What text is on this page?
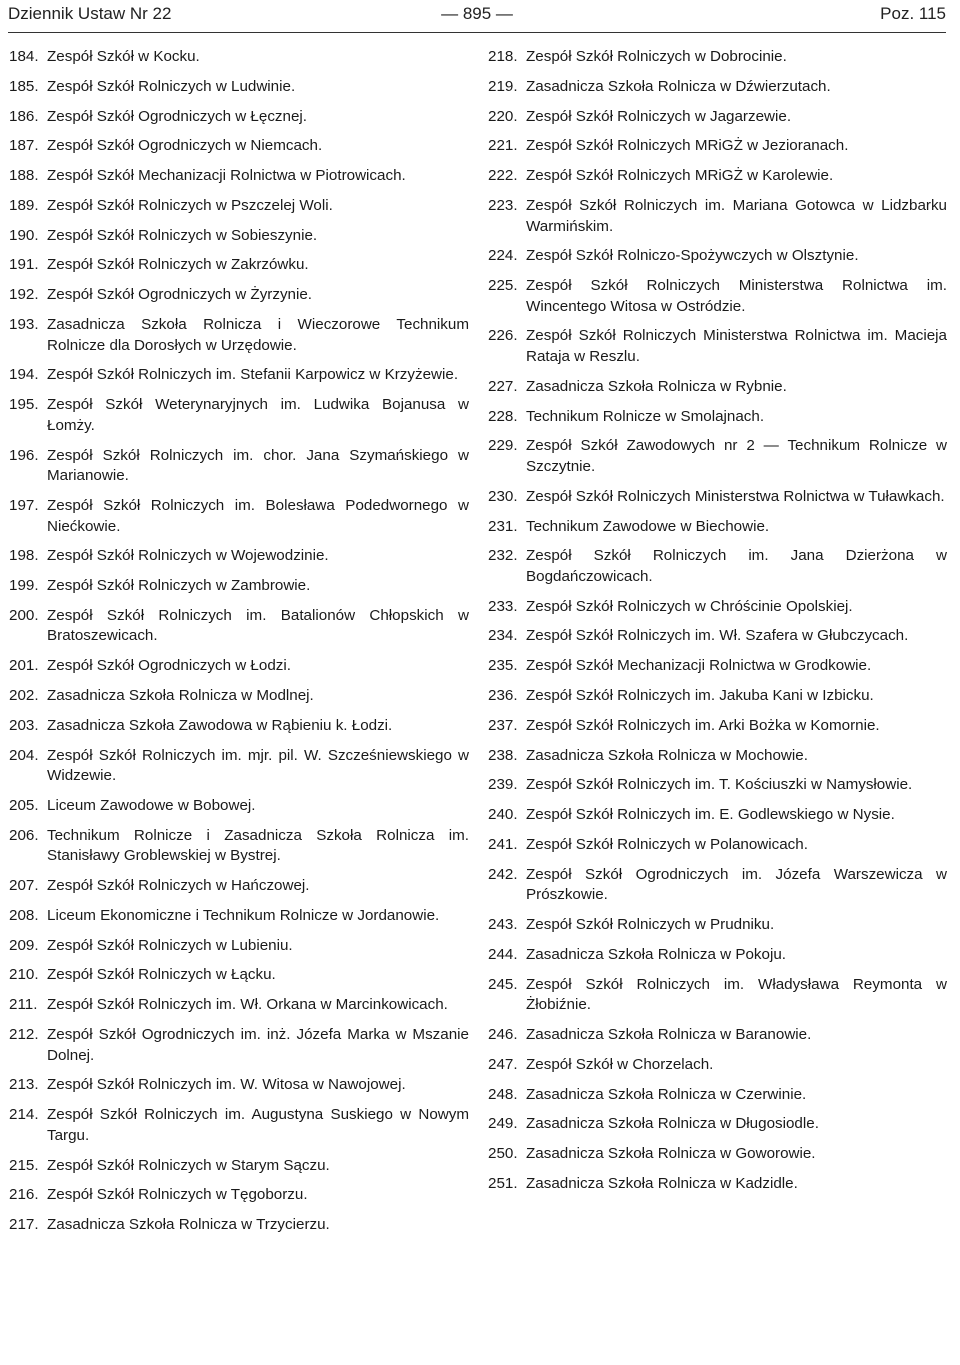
Dziennik Ustaw Nr 22	— 895 —	Poz. 115
184. Zespół Szkół w Kocku.
185. Zespół Szkół Rolniczych w Ludwinie.
186. Zespół Szkół Ogrodniczych w Łęcznej.
187. Zespół Szkół Ogrodniczych w Niemcach.
188. Zespół Szkół Mechanizacji Rolnictwa w Piotrowicach.
189. Zespół Szkół Rolniczych w Pszczelej Woli.
190. Zespół Szkół Rolniczych w Sobieszynie.
191. Zespół Szkół Rolniczych w Zakrzówku.
192. Zespół Szkół Ogrodniczych w Żyrzynie.
193. Zasadnicza Szkoła Rolnicza i Wieczorowe Technikum Rolnicze dla Dorosłych w Urzędowie.
194. Zespół Szkół Rolniczych im. Stefanii Karpowicz w Krzyżewie.
195. Zespół Szkół Weterynaryjnych im. Ludwika Bojanusa w Łomży.
196. Zespół Szkół Rolniczych im. chor. Jana Szymańskiego w Marianowie.
197. Zespół Szkół Rolniczych im. Bolesława Podedwornego w Niećkowie.
198. Zespół Szkół Rolniczych w Wojewodzinie.
199. Zespół Szkół Rolniczych w Zambrowie.
200. Zespół Szkół Rolniczych im. Batalionów Chłopskich w Bratoszewicach.
201. Zespół Szkół Ogrodniczych w Łodzi.
202. Zasadnicza Szkoła Rolnicza w Modlnej.
203. Zasadnicza Szkoła Zawodowa w Rąbieniu k. Łodzi.
204. Zespół Szkół Rolniczych im. mjr. pil. W. Szcześniewskiego w Widzewie.
205. Liceum Zawodowe w Bobowej.
206. Technikum Rolnicze i Zasadnicza Szkoła Rolnicza im. Stanisławy Groblewskiej w Bystrej.
207. Zespół Szkół Rolniczych w Hańczowej.
208. Liceum Ekonomiczne i Technikum Rolnicze w Jordanowie.
209. Zespół Szkół Rolniczych w Lubieniu.
210. Zespół Szkół Rolniczych w Łącku.
211. Zespół Szkół Rolniczych im. Wł. Orkana w Marcinkowicach.
212. Zespół Szkół Ogrodniczych im. inż. Józefa Marka w Mszanie Dolnej.
213. Zespół Szkół Rolniczych im. W. Witosa w Nawojowej.
214. Zespół Szkół Rolniczych im. Augustyna Suskiego w Nowym Targu.
215. Zespół Szkół Rolniczych w Starym Sączu.
216. Zespół Szkół Rolniczych w Tęgoborzu.
217. Zasadnicza Szkoła Rolnicza w Trzycierzu.
218. Zespół Szkół Rolniczych w Dobrocinie.
219. Zasadnicza Szkoła Rolnicza w Dźwierzutach.
220. Zespół Szkół Rolniczych w Jagarzewie.
221. Zespół Szkół Rolniczych MRiGŻ w Jezioranach.
222. Zespół Szkół Rolniczych MRiGŻ w Karolewie.
223. Zespół Szkół Rolniczych im. Mariana Gotowca w Lidzbarku Warmińskim.
224. Zespół Szkół Rolniczo-Spożywczych w Olsztynie.
225. Zespół Szkół Rolniczych Ministerstwa Rolnictwa im. Wincentego Witosa w Ostródzie.
226. Zespół Szkół Rolniczych Ministerstwa Rolnictwa im. Macieja Rataja w Reszlu.
227. Zasadnicza Szkoła Rolnicza w Rybnie.
228. Technikum Rolnicze w Smolajnach.
229. Zespół Szkół Zawodowych nr 2 — Technikum Rolnicze w Szczytnie.
230. Zespół Szkół Rolniczych Ministerstwa Rolnictwa w Tuławkach.
231. Technikum Zawodowe w Biechowie.
232. Zespół Szkół Rolniczych im. Jana Dzierżona w Bogdańczowicach.
233. Zespół Szkół Rolniczych w Chróścinie Opolskiej.
234. Zespół Szkół Rolniczych im. Wł. Szafera w Głubczycach.
235. Zespół Szkół Mechanizacji Rolnictwa w Grodkowie.
236. Zespół Szkół Rolniczych im. Jakuba Kani w Izbicku.
237. Zespół Szkół Rolniczych im. Arki Bożka w Komornie.
238. Zasadnicza Szkoła Rolnicza w Mochowie.
239. Zespół Szkół Rolniczych im. T. Kościuszki w Namysłowie.
240. Zespół Szkół Rolniczych im. E. Godlewskiego w Nysie.
241. Zespół Szkół Rolniczych w Polanowicach.
242. Zespół Szkół Ogrodniczych im. Józefa Warszewicza w Prószkowie.
243. Zespół Szkół Rolniczych w Prudniku.
244. Zasadnicza Szkoła Rolnicza w Pokoju.
245. Zespół Szkół Rolniczych im. Władysława Reymonta w Żłobiźnie.
246. Zasadnicza Szkoła Rolnicza w Baranowie.
247. Zespół Szkół w Chorzelach.
248. Zasadnicza Szkoła Rolnicza w Czerwinie.
249. Zasadnicza Szkoła Rolnicza w Długosiodle.
250. Zasadnicza Szkoła Rolnicza w Goworowie.
251. Zasadnicza Szkoła Rolnicza w Kadzidle.
